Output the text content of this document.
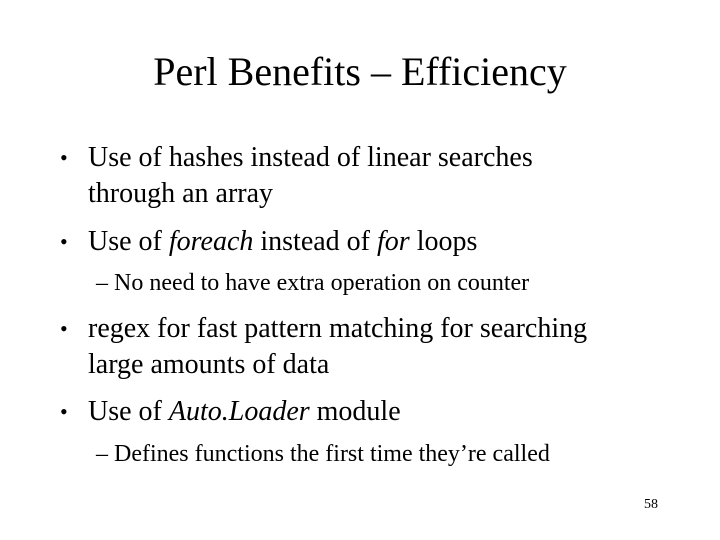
Perl Benefits – Efficiency
• Use of hashes instead of linear searches
through an array
• Use of foreach instead of for loops
– No need to have extra operation on counter
• regex for fast pattern matching for searching
large amounts of data
• Use of Auto.Loader module
– Defines functions the first time they’re called
58
